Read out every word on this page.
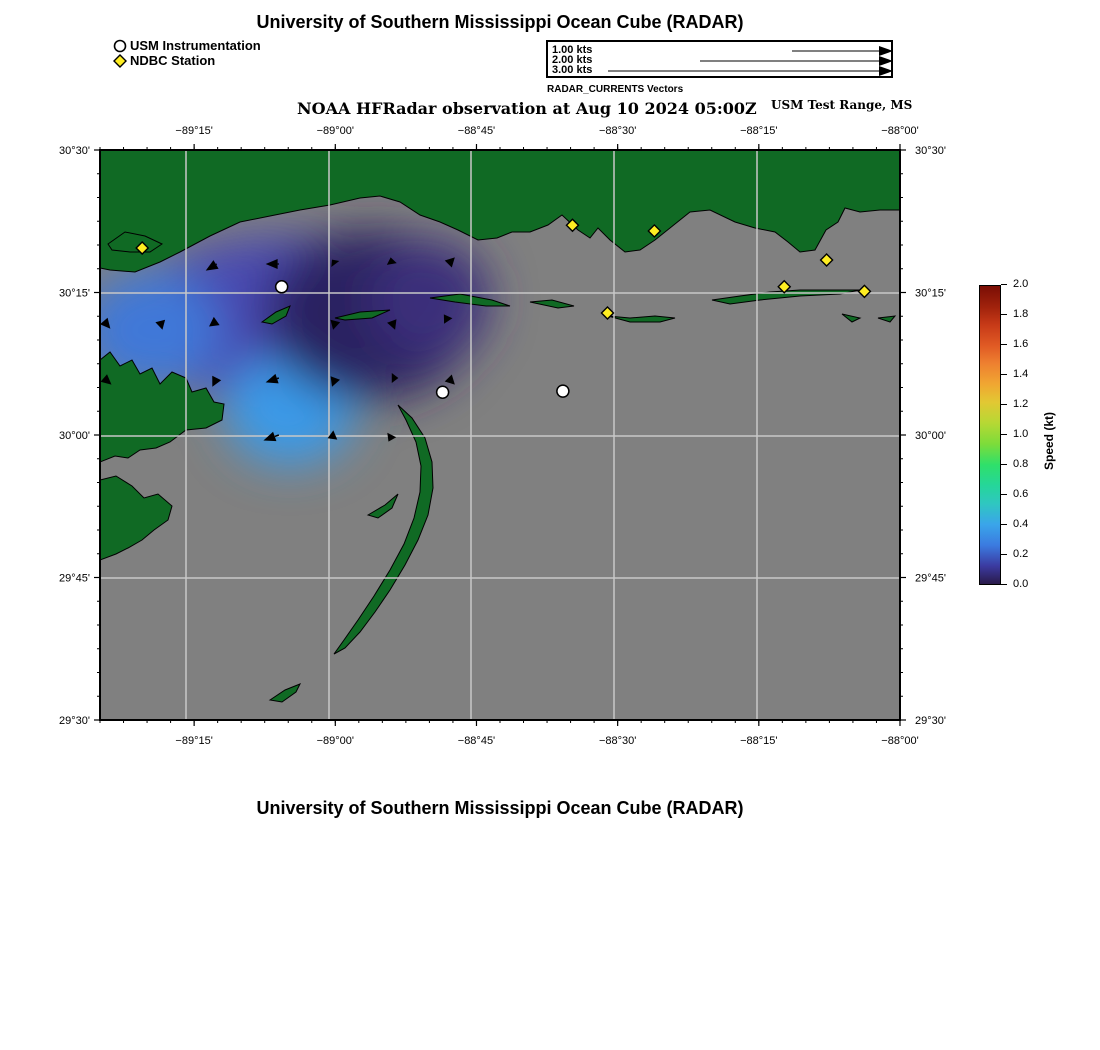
University of Southern Mississippi Ocean Cube (RADAR)
USM Instrumentation
NDBC Station
1.00 kts
2.00 kts
3.00 kts
RADAR_CURRENTS Vectors
NOAA HFRadar observation at Aug 10 2024 05:00Z USM Test Range, MS
−89°15'
−89°15'
−89°00'
−89°00'
−88°45'
−88°45'
−88°30'
−88°30'
−88°15'
−88°15'
−88°00'
−88°00'
30°30'	30°30'
30°15'	30°15'
30°00'	30°00'
29°45'	29°45'
29°30'	29°30'
0.0
0.2
0.4
0.6
0.8
1.0
1.2
1.4
1.6
1.8
2.0
Speed (kt)
University of Southern Mississippi Ocean Cube (RADAR)
